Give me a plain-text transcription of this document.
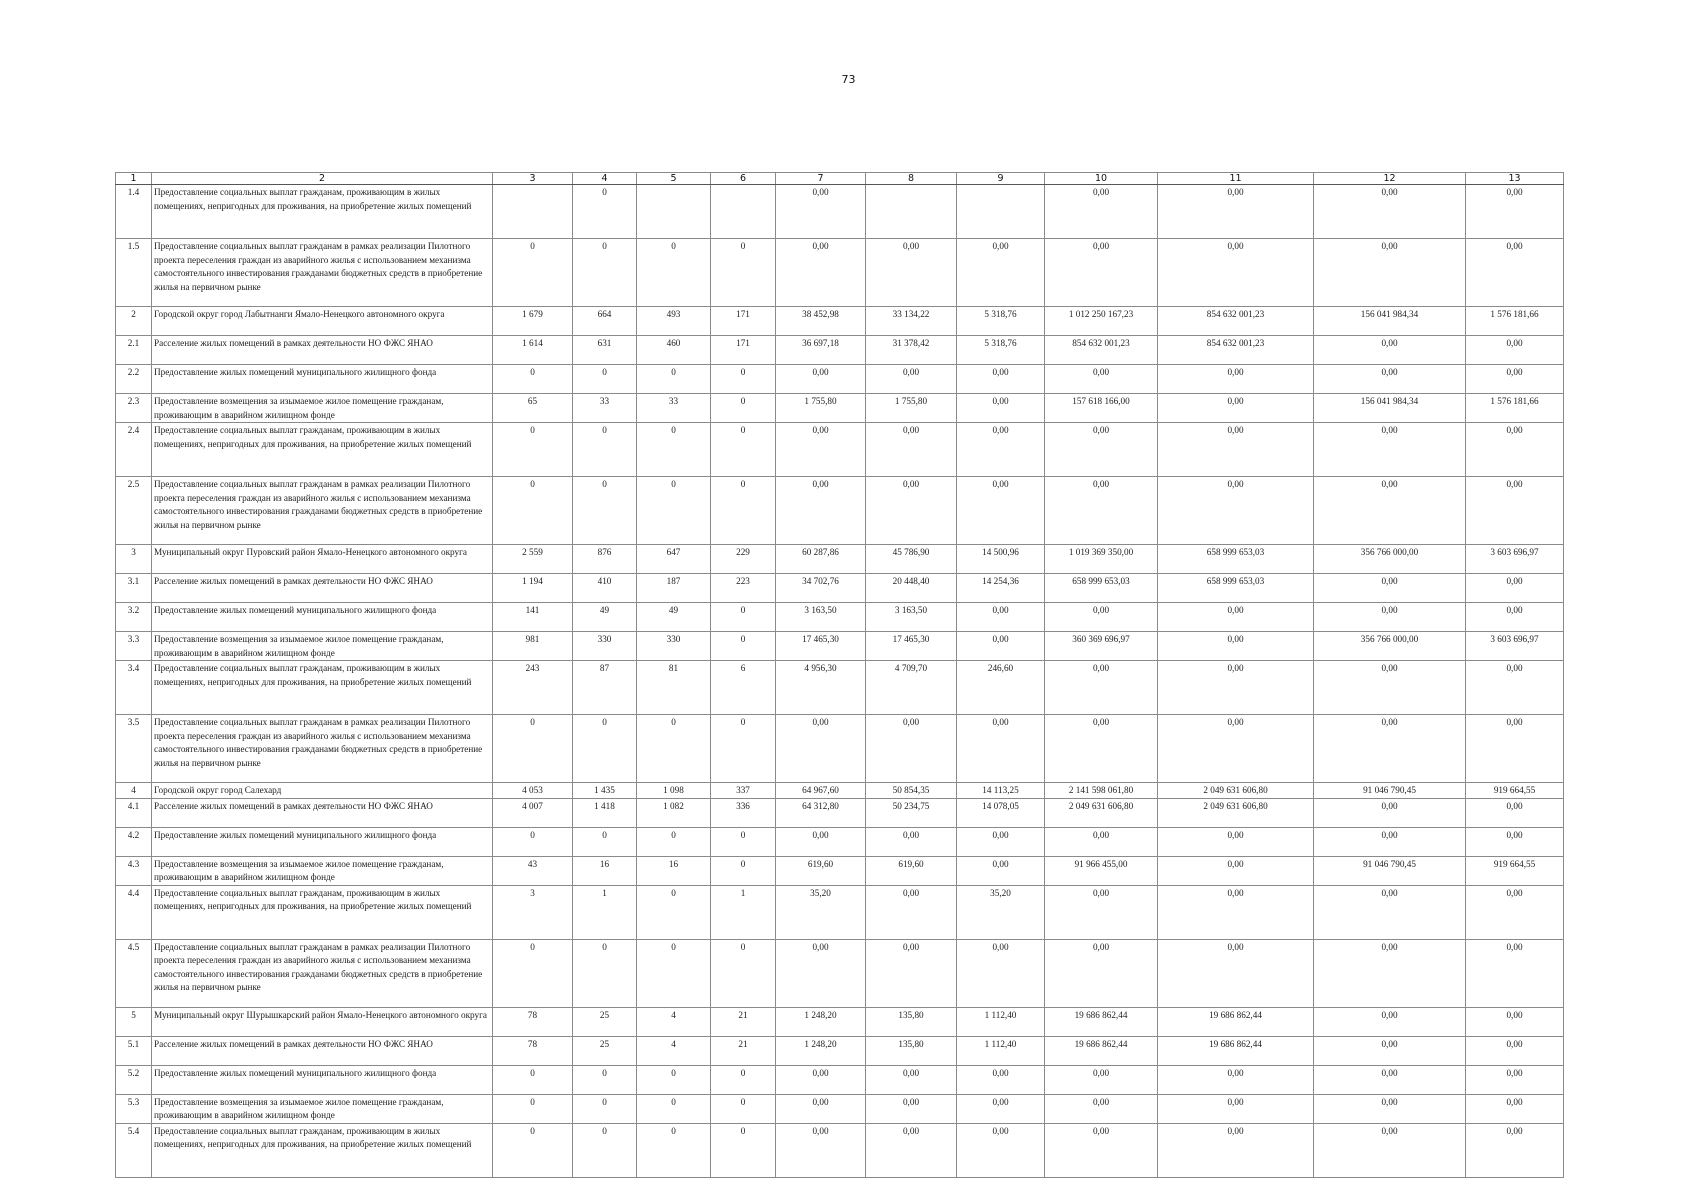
73
1	2	3	4	5	6	7	8	9	10	11	12	13
1.4	Предоставление социальных выплат гражданам, проживающим в жилых помещениях, непригодных для проживания, на приобретение жилых помещений		0			0,00			0,00	0,00	0,00	0,00
1.5	Предоставление социальных выплат гражданам в рамках реализации Пилотного проекта переселения граждан из аварийного жилья с использованием механизма самостоятельного инвестирования гражданами бюджетных средств в приобретение жилья на первичном рынке	0	0	0	0	0,00	0,00	0,00	0,00	0,00	0,00	0,00
2	Городской округ город Лабытнанги Ямало-Ненецкого автономного округа	1 679	664	493	171	38 452,98	33 134,22	5 318,76	1 012 250 167,23	854 632 001,23	156 041 984,34	1 576 181,66
2.1	Расселение жилых помещений в рамках деятельности НО ФЖС ЯНАО	1 614	631	460	171	36 697,18	31 378,42	5 318,76	854 632 001,23	854 632 001,23	0,00	0,00
2.2	Предоставление жилых помещений муниципального жилищного фонда	0	0	0	0	0,00	0,00	0,00	0,00	0,00	0,00	0,00
2.3	Предоставление возмещения за изымаемое жилое помещение гражданам, проживающим в аварийном жилищном фонде	65	33	33	0	1 755,80	1 755,80	0,00	157 618 166,00	0,00	156 041 984,34	1 576 181,66
2.4	Предоставление социальных выплат гражданам, проживающим в жилых помещениях, непригодных для проживания, на приобретение жилых помещений	0	0	0	0	0,00	0,00	0,00	0,00	0,00	0,00	0,00
2.5	Предоставление социальных выплат гражданам в рамках реализации Пилотного проекта переселения граждан из аварийного жилья с использованием механизма самостоятельного инвестирования гражданами бюджетных средств в приобретение жилья на первичном рынке	0	0	0	0	0,00	0,00	0,00	0,00	0,00	0,00	0,00
3	Муниципальный округ Пуровский район Ямало-Ненецкого автономного округа	2 559	876	647	229	60 287,86	45 786,90	14 500,96	1 019 369 350,00	658 999 653,03	356 766 000,00	3 603 696,97
3.1	Расселение жилых помещений в рамках деятельности НО ФЖС ЯНАО	1 194	410	187	223	34 702,76	20 448,40	14 254,36	658 999 653,03	658 999 653,03	0,00	0,00
3.2	Предоставление жилых помещений муниципального жилищного фонда	141	49	49	0	3 163,50	3 163,50	0,00	0,00	0,00	0,00	0,00
3.3	Предоставление возмещения за изымаемое жилое помещение гражданам, проживающим в аварийном жилищном фонде	981	330	330	0	17 465,30	17 465,30	0,00	360 369 696,97	0,00	356 766 000,00	3 603 696,97
3.4	Предоставление социальных выплат гражданам, проживающим в жилых помещениях, непригодных для проживания, на приобретение жилых помещений	243	87	81	6	4 956,30	4 709,70	246,60	0,00	0,00	0,00	0,00
3.5	Предоставление социальных выплат гражданам в рамках реализации Пилотного проекта переселения граждан из аварийного жилья с использованием механизма самостоятельного инвестирования гражданами бюджетных средств в приобретение жилья на первичном рынке	0	0	0	0	0,00	0,00	0,00	0,00	0,00	0,00	0,00
4	Городской округ город Салехард	4 053	1 435	1 098	337	64 967,60	50 854,35	14 113,25	2 141 598 061,80	2 049 631 606,80	91 046 790,45	919 664,55
4.1	Расселение жилых помещений в рамках деятельности НО ФЖС ЯНАО	4 007	1 418	1 082	336	64 312,80	50 234,75	14 078,05	2 049 631 606,80	2 049 631 606,80	0,00	0,00
4.2	Предоставление жилых помещений муниципального жилищного фонда	0	0	0	0	0,00	0,00	0,00	0,00	0,00	0,00	0,00
4.3	Предоставление возмещения за изымаемое жилое помещение гражданам, проживающим в аварийном жилищном фонде	43	16	16	0	619,60	619,60	0,00	91 966 455,00	0,00	91 046 790,45	919 664,55
4.4	Предоставление социальных выплат гражданам, проживающим в жилых помещениях, непригодных для проживания, на приобретение жилых помещений	3	1	0	1	35,20	0,00	35,20	0,00	0,00	0,00	0,00
4.5	Предоставление социальных выплат гражданам в рамках реализации Пилотного проекта переселения граждан из аварийного жилья с использованием механизма самостоятельного инвестирования гражданами бюджетных средств в приобретение жилья на первичном рынке	0	0	0	0	0,00	0,00	0,00	0,00	0,00	0,00	0,00
5	Муниципальный округ Шурышкарский район Ямало-Ненецкого автономного округа	78	25	4	21	1 248,20	135,80	1 112,40	19 686 862,44	19 686 862,44	0,00	0,00
5.1	Расселение жилых помещений в рамках деятельности НО ФЖС ЯНАО	78	25	4	21	1 248,20	135,80	1 112,40	19 686 862,44	19 686 862,44	0,00	0,00
5.2	Предоставление жилых помещений муниципального жилищного фонда	0	0	0	0	0,00	0,00	0,00	0,00	0,00	0,00	0,00
5.3	Предоставление возмещения за изымаемое жилое помещение гражданам, проживающим в аварийном жилищном фонде	0	0	0	0	0,00	0,00	0,00	0,00	0,00	0,00	0,00
5.4	Предоставление социальных выплат гражданам, проживающим в жилых помещениях, непригодных для проживания, на приобретение жилых помещений	0	0	0	0	0,00	0,00	0,00	0,00	0,00	0,00	0,00
